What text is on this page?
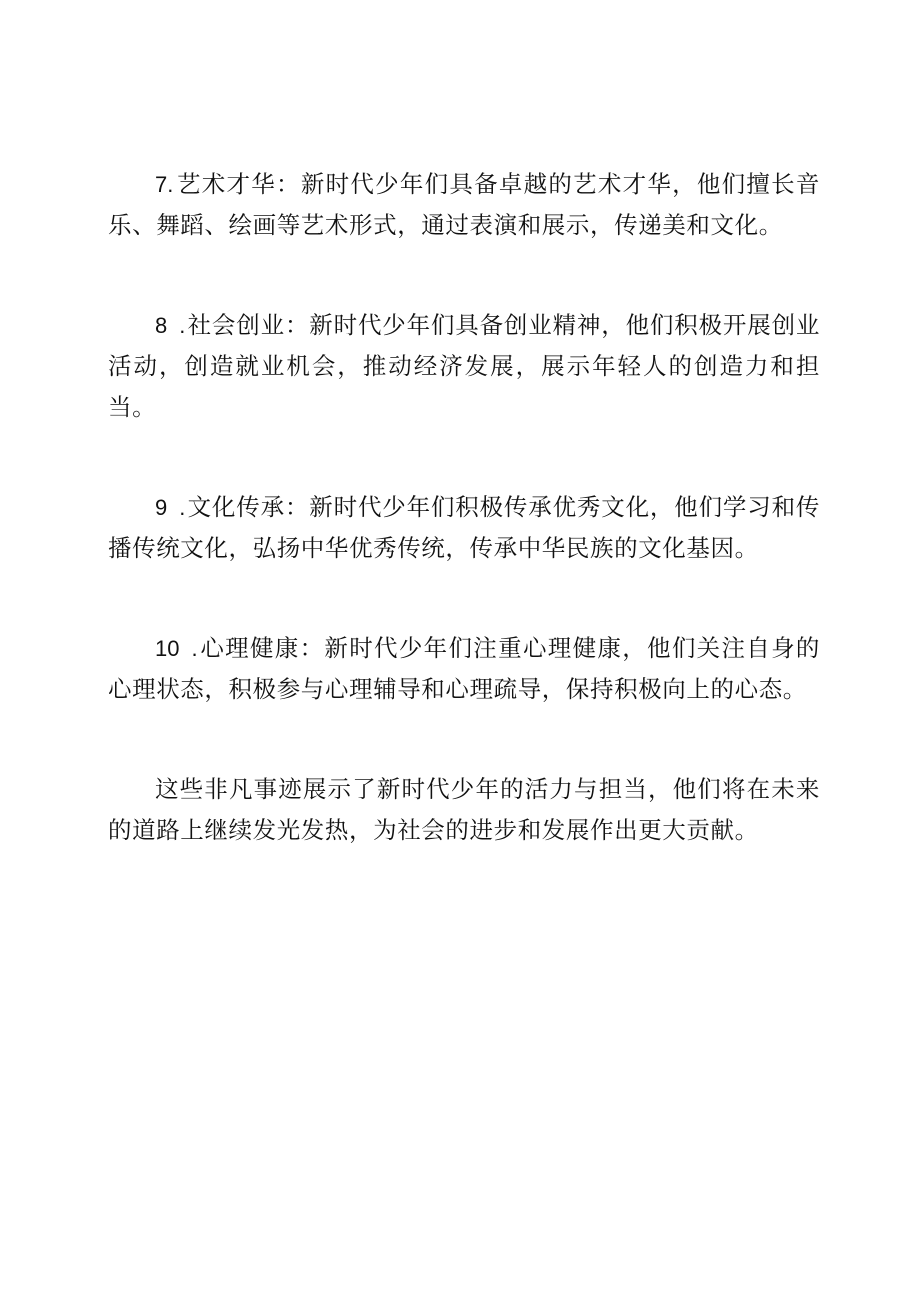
7. 艺术才华：新时代少年们具备卓越的艺术才华，他们擅长音乐、舞蹈、绘画等艺术形式，通过表演和展示，传递美和文化。

8 .社会创业：新时代少年们具备创业精神，他们积极开展创业活动，创造就业机会，推动经济发展，展示年轻人的创造力和担当。

9 .文化传承：新时代少年们积极传承优秀文化，他们学习和传播传统文化，弘扬中华优秀传统，传承中华民族的文化基因。

10 .心理健康：新时代少年们注重心理健康，他们关注自身的心理状态，积极参与心理辅导和心理疏导，保持积极向上的心态。

这些非凡事迹展示了新时代少年的活力与担当，他们将在未来的道路上继续发光发热，为社会的进步和发展作出更大贡献。
